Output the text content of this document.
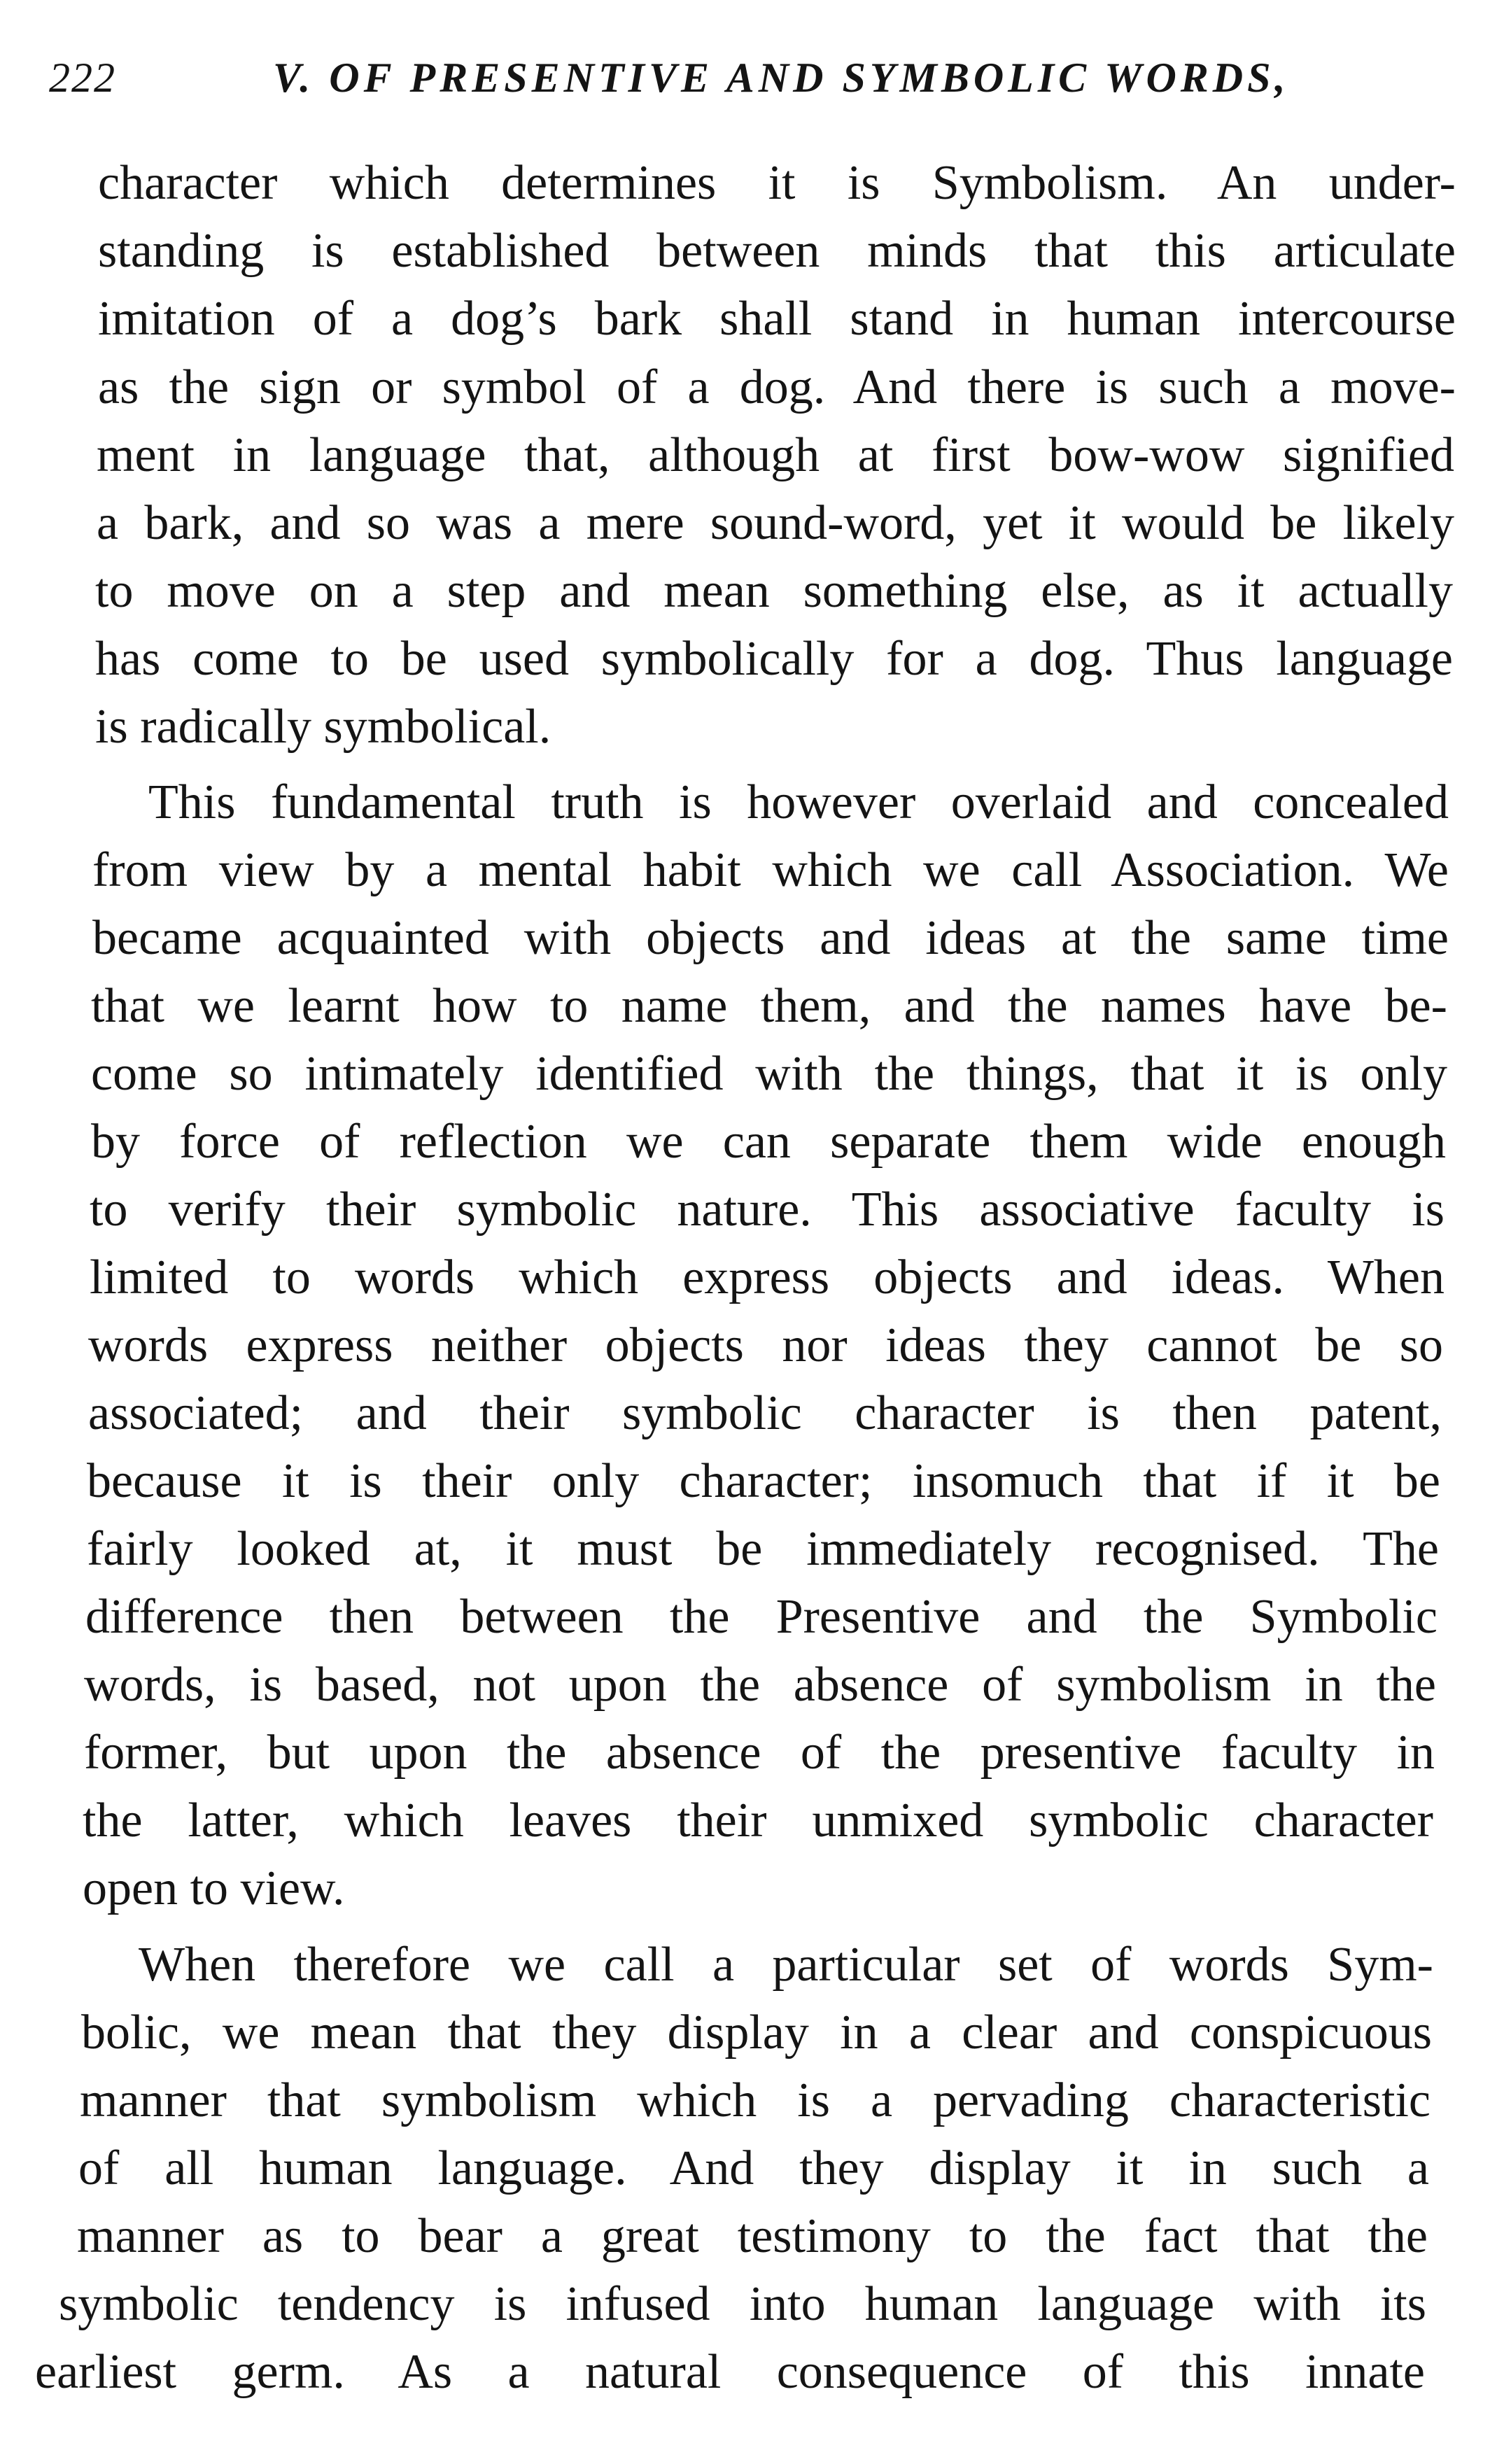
222	V. OF PRESENTIVE AND SYMBOLIC WORDS,
character which determines it is Symbolism. An under-
standing is established between minds that this articulate
imitation of a dog’s bark shall stand in human intercourse
as the sign or symbol of a dog. And there is such a move-
ment in language that, although at first bow-wow signified
a bark, and so was a mere sound-word, yet it would be likely
to move on a step and mean something else, as it actually
has come to be used symbolically for a dog. Thus language
is radically symbolical.
This fundamental truth is however overlaid and concealed
from view by a mental habit which we call Association. We
became acquainted with objects and ideas at the same time
that we learnt how to name them, and the names have be-
come so intimately identified with the things, that it is only
by force of reflection we can separate them wide enough
to verify their symbolic nature. This associative faculty is
limited to words which express objects and ideas. When
words express neither objects nor ideas they cannot be so
associated; and their symbolic character is then patent,
because it is their only character; insomuch that if it be
fairly looked at, it must be immediately recognised. The
difference then between the Presentive and the Symbolic
words, is based, not upon the absence of symbolism in the
former, but upon the absence of the presentive faculty in
the latter, which leaves their unmixed symbolic character
open to view.
When therefore we call a particular set of words Sym-
bolic, we mean that they display in a clear and conspicuous
manner that symbolism which is a pervading characteristic
of all human language. And they display it in such a
manner as to bear a great testimony to the fact that the
symbolic tendency is infused into human language with its
earliest germ. As a natural consequence of this innate
